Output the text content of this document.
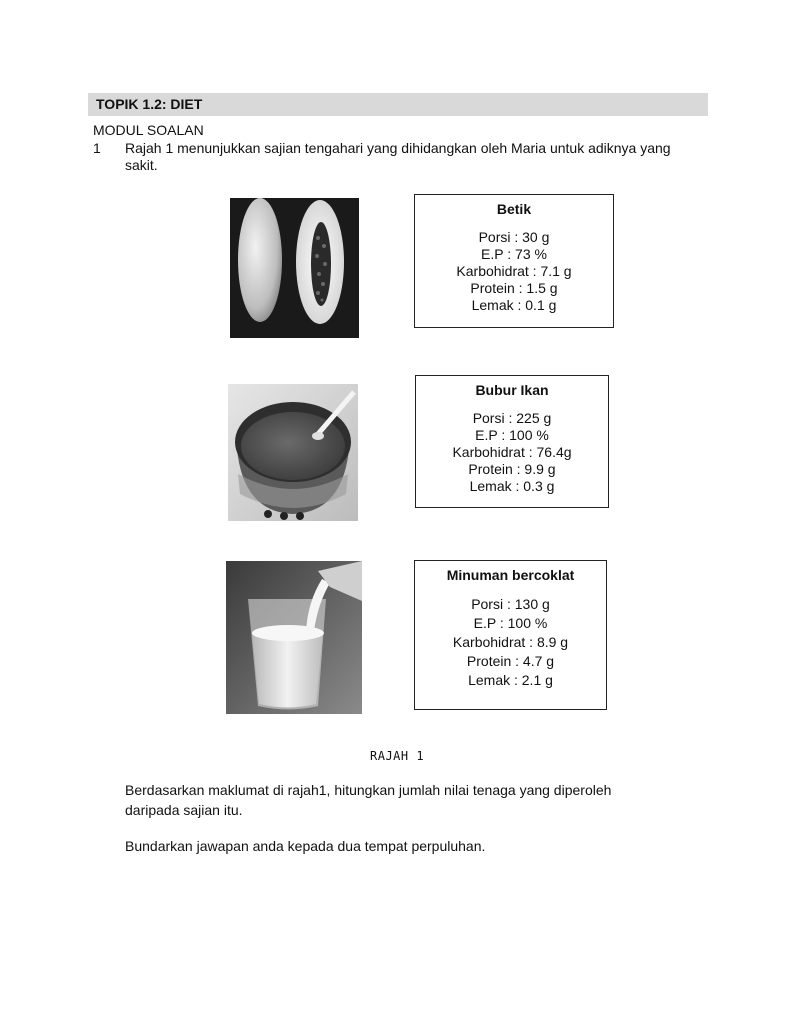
TOPIK 1.2: DIET
MODUL SOALAN
1 Rajah 1 menunjukkan sajian tengahari yang dihidangkan oleh Maria untuk adiknya yang sakit.
Betik
Porsi : 30 g
E.P : 73 %
Karbohidrat : 7.1 g
Protein : 1.5 g
Lemak : 0.1 g
Bubur Ikan
Porsi : 225 g
E.P : 100 %
Karbohidrat : 76.4g
Protein : 9.9 g
Lemak : 0.3 g
Minuman bercoklat
Porsi : 130 g
E.P : 100 %
Karbohidrat : 8.9 g
Protein : 4.7 g
Lemak : 2.1 g
RAJAH 1
Berdasarkan maklumat di rajah1, hitungkan jumlah nilai tenaga yang diperoleh daripada sajian itu.
Bundarkan jawapan anda kepada dua tempat perpuluhan.
